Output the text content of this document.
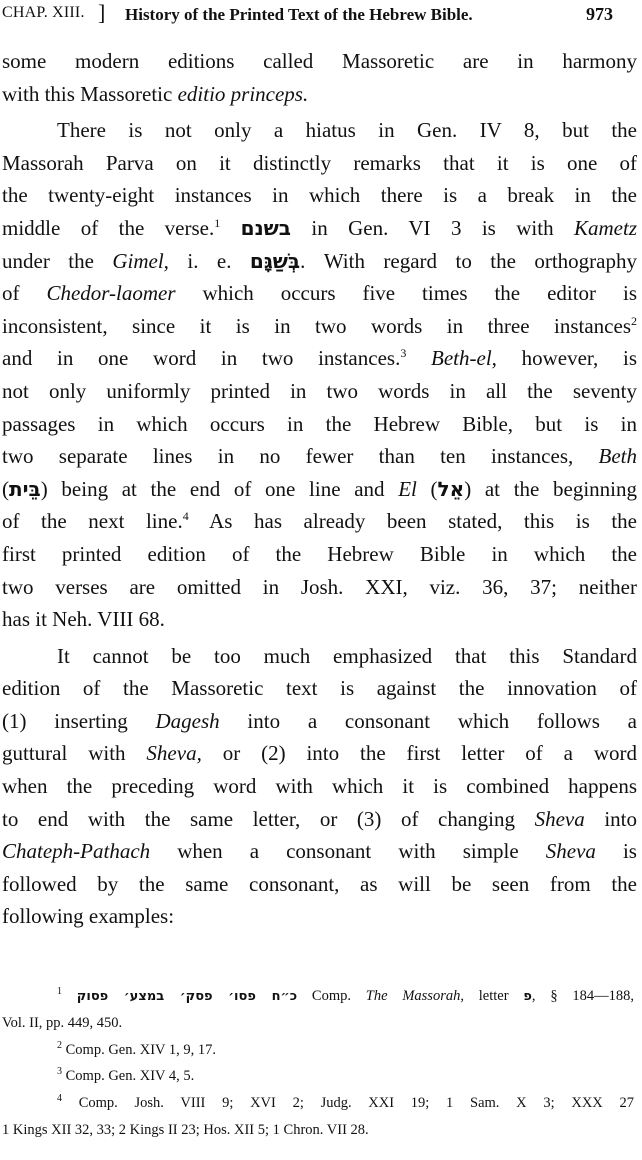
CHAP. XIII. ] History of the Printed Text of the Hebrew Bible.	973
some modern editions called Massoretic are in harmony
with this Massoretic editio princeps.
There is not only a hiatus in Gen. IV 8, but the
Massorah Parva on it distinctly remarks that it is one of
the twenty-eight instances in which there is a break in the
middle of the verse.$^1$ בשנם in Gen. VI 3 is with Kametz
under the Gimel, i. e. בְּשַׁגָּם. With regard to the orthography
of Chedor-laomer which occurs five times the editor is
inconsistent, since it is in two words in three instances$^2$
and in one word in two instances.$^3$ Beth-el, however, is
not only uniformly printed in two words in all the seventy
passages in which occurs in the Hebrew Bible, but is in
two separate lines in no fewer than ten instances, Beth
(בֵּית) being at the end of one line and El (אֵל) at the beginning
of the next line.$^4$ As has already been stated, this is the
first printed edition of the Hebrew Bible in which the
two verses are omitted in Josh. XXI, viz. 36, 37; neither
has it Neh. VIII 68.
It cannot be too much emphasized that this Standard
edition of the Massoretic text is against the innovation of
(1) inserting Dagesh into a consonant which follows a
guttural with Sheva, or (2) into the first letter of a word
when the preceding word with which it is combined happens
to end with the same letter, or (3) of changing Sheva into
Chateph-Pathach when a consonant with simple Sheva is
followed by the same consonant, as will be seen from the
following examples:
$^1$ כ״ח פסו׳ פסק׳ במצע׳ פסוק Comp. The Massorah, letter פ, § 184—188,
Vol. II, pp. 449, 450.
$^2$ Comp. Gen. XIV 1, 9, 17.
$^3$ Comp. Gen. XIV 4, 5.
$^4$ Comp. Josh. VIII 9; XVI 2; Judg. XXI 19; 1 Sam. X 3; XXX 27
1 Kings XII 32, 33; 2 Kings II 23; Hos. XII 5; 1 Chron. VII 28.
